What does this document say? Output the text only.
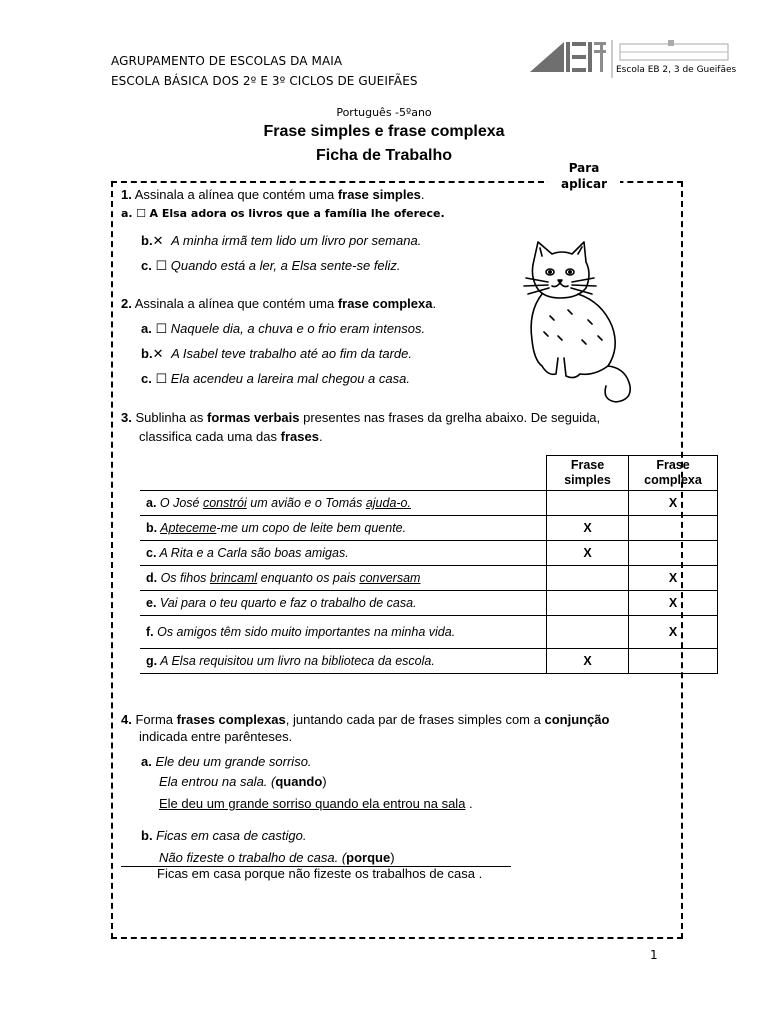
AGRUPAMENTO DE ESCOLAS DA MAIA
ESCOLA BÁSICA DOS 2º E 3º CICLOS DE GUEIFÃES
Escola EB 2, 3 de Gueifães
Português -5ºano
Frase simples e frase complexa
Ficha de Trabalho
Para aplicar
1. Assinala a alínea que contém uma frase simples.
a. ☐ A Elsa adora os livros que a família lhe oferece.
b.✕ A minha irmã tem lido um livro por semana.
c. ☐ Quando está a ler, a Elsa sente-se feliz.
2. Assinala a alínea que contém uma frase complexa.
a. ☐ Naquele dia, a chuva e o frio eram intensos.
b.✕ A Isabel teve trabalho até ao fim da tarde.
c. ☐ Ela acendeu a lareira mal chegou a casa.
3. Sublinha as formas verbais presentes nas frases da grelha abaixo. De seguida,
classifica cada uma das frases.

	Frase
simples	Frase
complexa

a. O José constrói um avião e o Tomás ajuda-o.		X
b. Apteceme-me um copo de leite bem quente.	X	
c. A Rita e a Carla são boas amigas.	X	
d. Os fihos brincaml enquanto os pais conversam		X
e. Vai para o teu quarto e faz o trabalho de casa.		X
f. Os amigos têm sido muito importantes na minha vida.		X
g. A Elsa requisitou um livro na biblioteca da escola.	X	
4. Forma frases complexas, juntando cada par de frases simples com a conjunção
indicada entre parênteses.
a. Ele deu um grande sorriso.
Ela entrou na sala. (quando)
Ele deu um grande sorriso quando ela entrou na sala .
b. Ficas em casa de castigo.
Não fizeste o trabalho de casa. (porque)
Ficas em casa porque não fizeste os trabalhos de casa .
1
